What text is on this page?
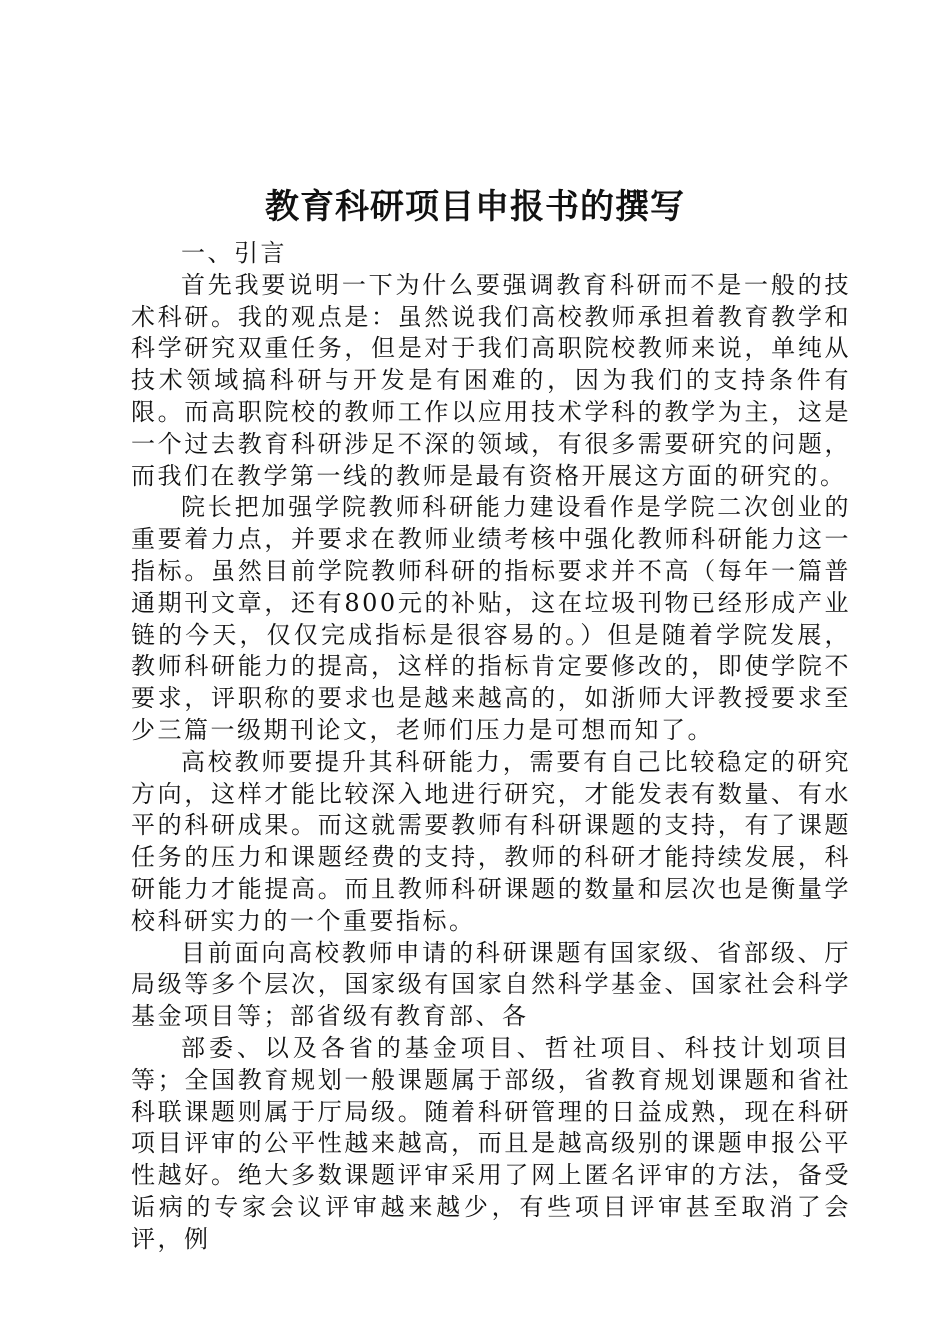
教育科研项目申报书的撰写

一、引言

首先我要说明一下为什么要强调教育科研而不是一般的技术科研。我的观点是：虽然说我们高校教师承担着教育教学和科学研究双重任务，但是对于我们高职院校教师来说，单纯从技术领域搞科研与开发是有困难的，因为我们的支持条件有限。而高职院校的教师工作以应用技术学科的教学为主，这是一个过去教育科研涉足不深的领域，有很多需要研究的问题，而我们在教学第一线的教师是最有资格开展这方面的研究的。

院长把加强学院教师科研能力建设看作是学院二次创业的重要着力点，并要求在教师业绩考核中强化教师科研能力这一指标。虽然目前学院教师科研的指标要求并不高（每年一篇普通期刊文章，还有800元的补贴，这在垃圾刊物已经形成产业链的今天，仅仅完成指标是很容易的。）但是随着学院发展，教师科研能力的提高，这样的指标肯定要修改的，即使学院不要求，评职称的要求也是越来越高的，如浙师大评教授要求至少三篇一级期刊论文，老师们压力是可想而知了。

高校教师要提升其科研能力，需要有自己比较稳定的研究方向，这样才能比较深入地进行研究，才能发表有数量、有水平的科研成果。而这就需要教师有科研课题的支持，有了课题任务的压力和课题经费的支持，教师的科研才能持续发展，科研能力才能提高。而且教师科研课题的数量和层次也是衡量学校科研实力的一个重要指标。

目前面向高校教师申请的科研课题有国家级、省部级、厅局级等多个层次，国家级有国家自然科学基金、国家社会科学基金项目等；部省级有教育部、各

部委、以及各省的基金项目、哲社项目、科技计划项目等；全国教育规划一般课题属于部级，省教育规划课题和省社科联课题则属于厅局级。随着科研管理的日益成熟，现在科研项目评审的公平性越来越高，而且是越高级别的课题申报公平性越好。绝大多数课题评审采用了网上匿名评审的方法，备受诟病的专家会议评审越来越少，有些项目评审甚至取消了会评，例
